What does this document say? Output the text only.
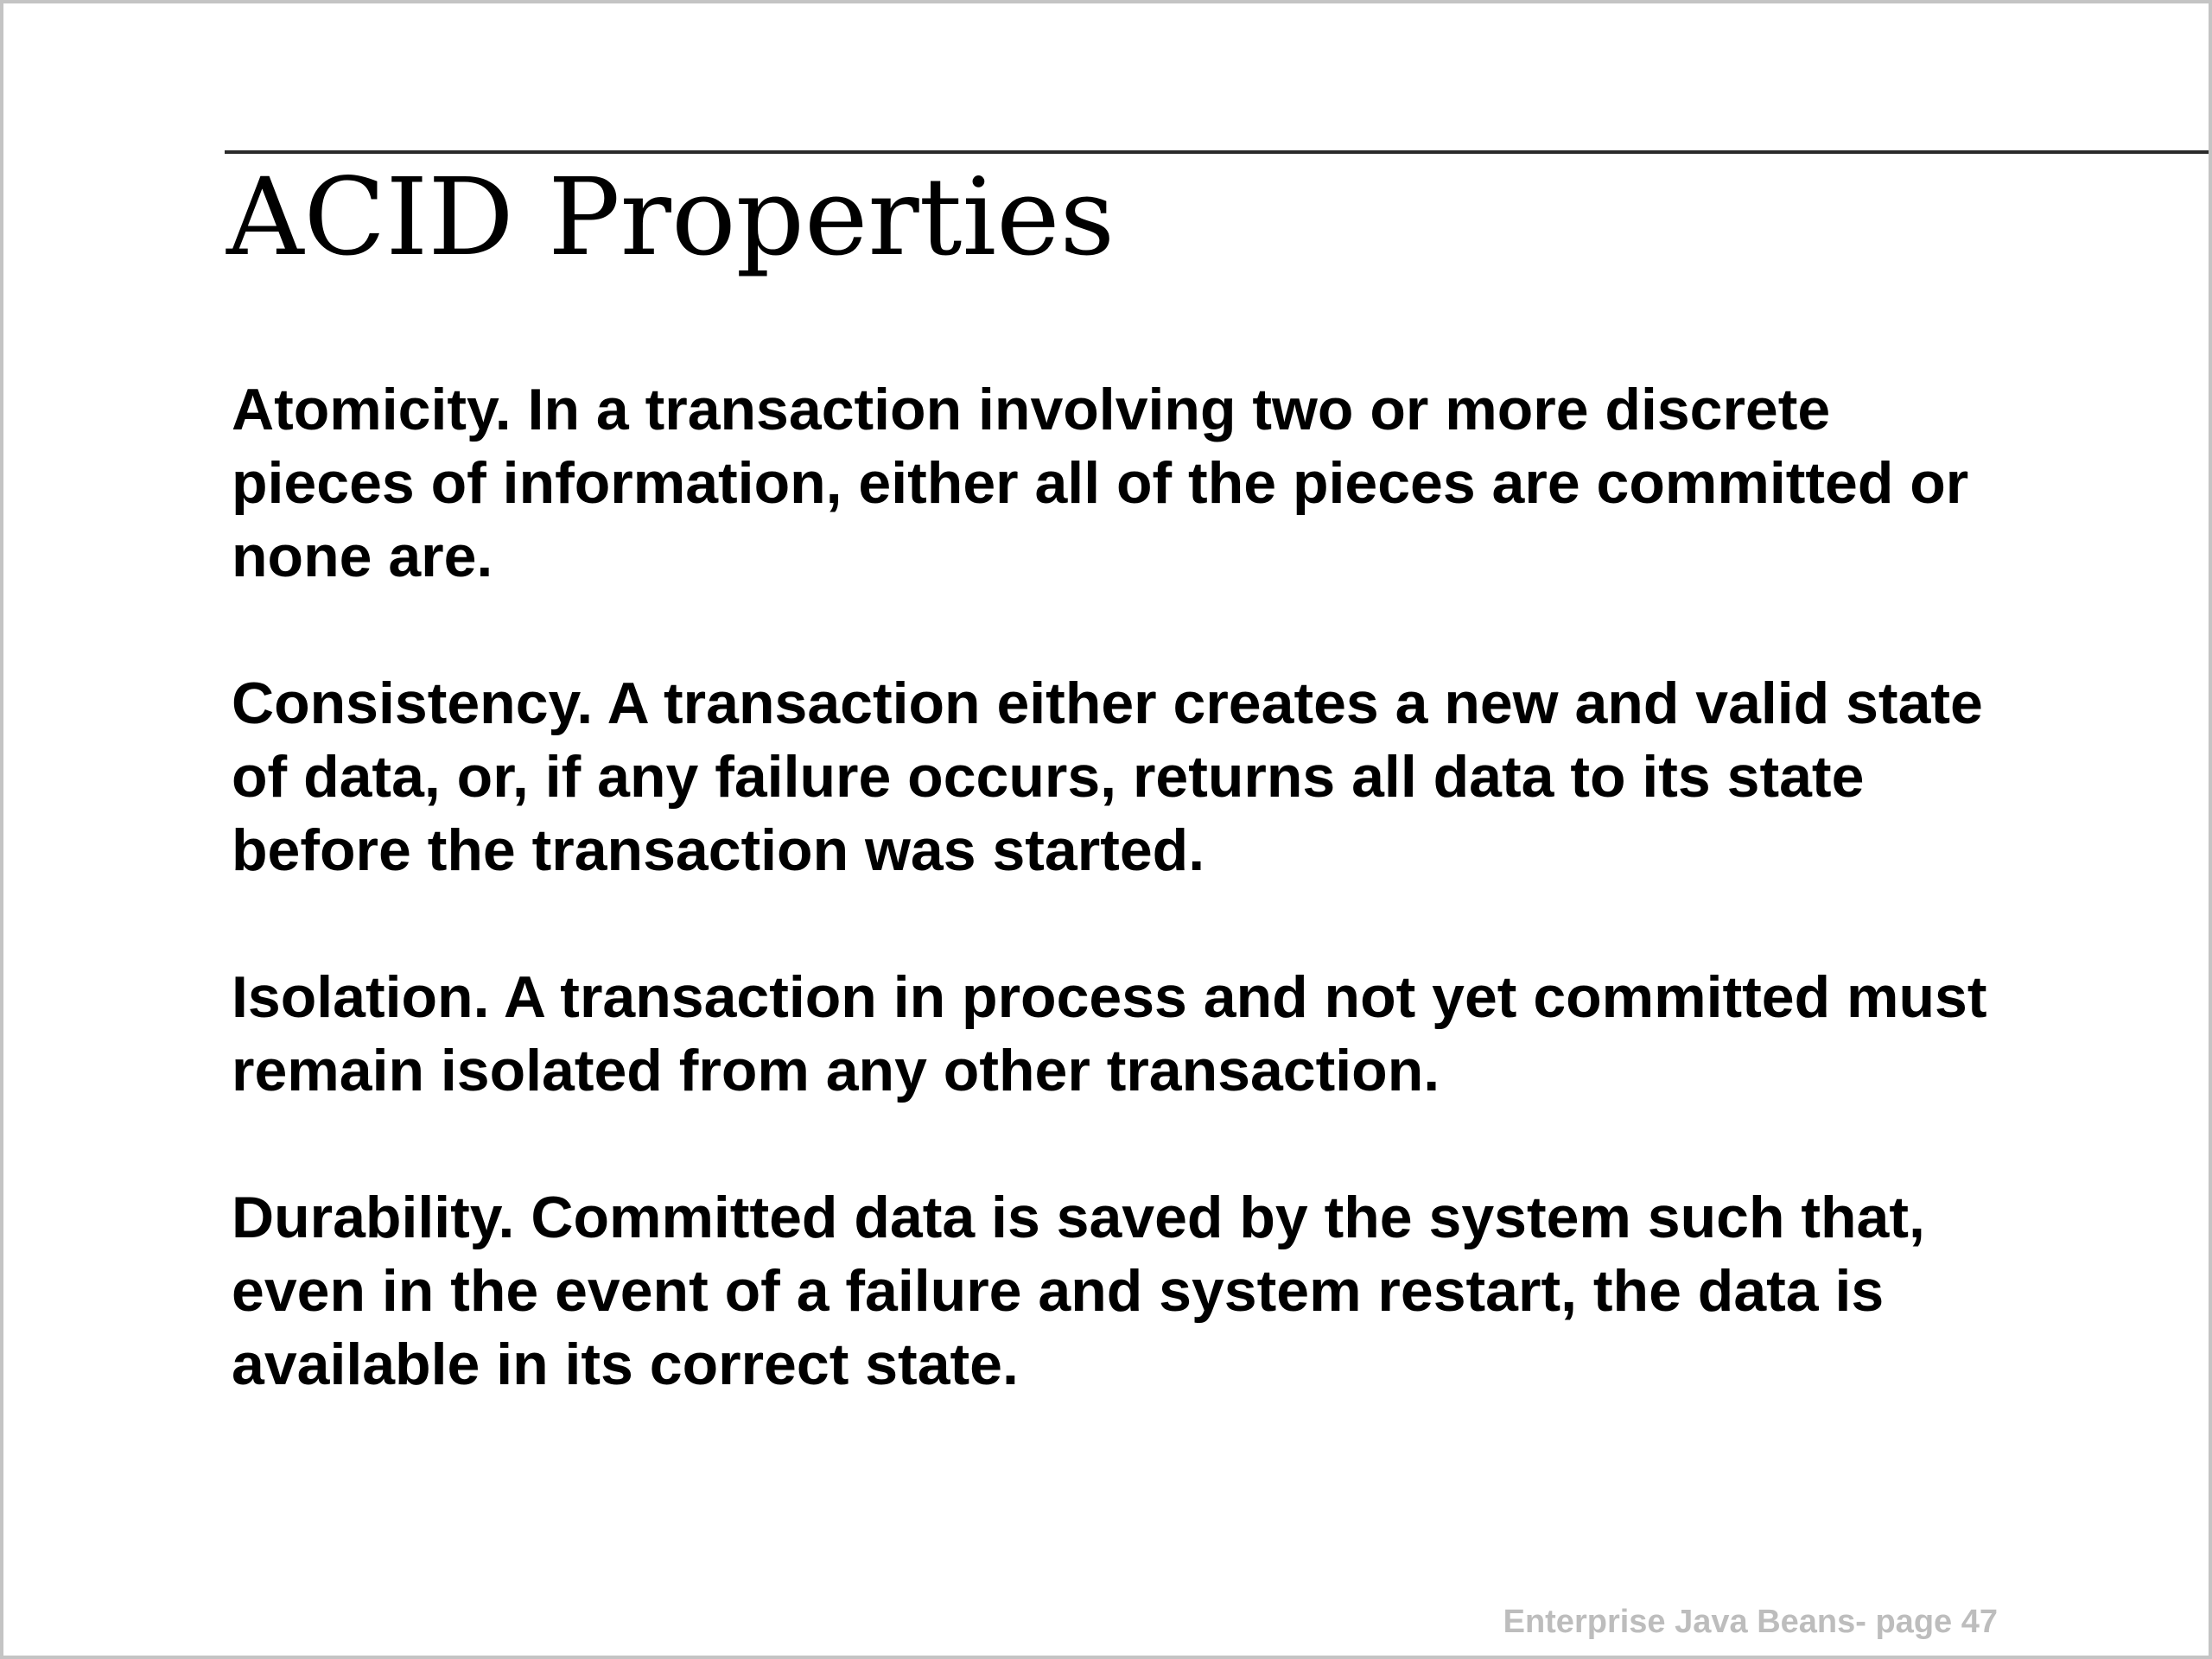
ACID Properties

Atomicity. In a transaction involving two or more discrete pieces of information, either all of the pieces are committed or none are.

Consistency. A transaction either creates a new and valid state of data, or, if any failure occurs, returns all data to its state before the transaction was started.

Isolation. A transaction in process and not yet committed must remain isolated from any other transaction.

Durability. Committed data is saved by the system such that, even in the event of a failure and system restart, the data is available in its correct state.

Enterprise Java Beans- page 47
